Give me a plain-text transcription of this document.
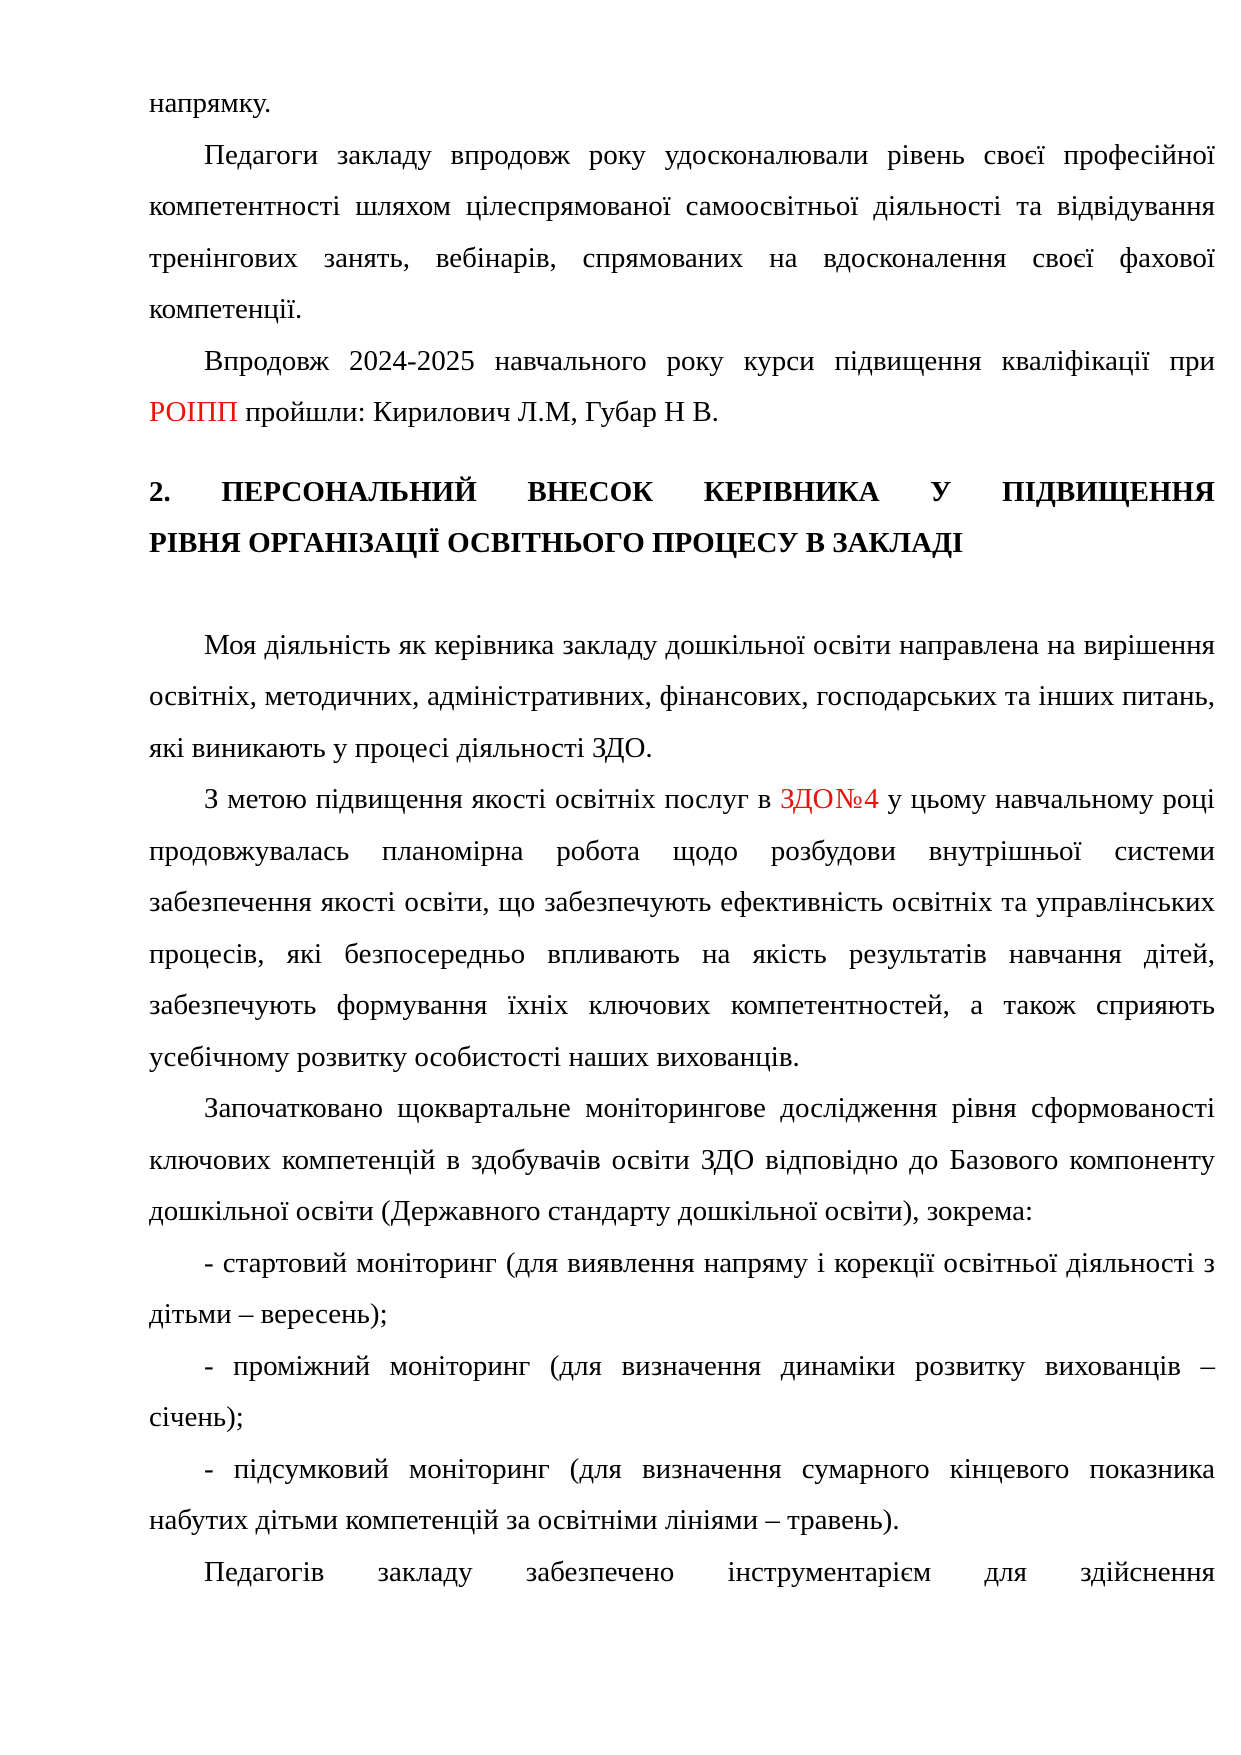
напрямку.

Педагоги закладу впродовж року удосконалювали рівень своєї професійної компетентності шляхом цілеспрямованої самоосвітньої діяльності та відвідування тренінгових занять, вебінарів, спрямованих на вдосконалення своєї фахової компетенції.

Впродовж 2024-2025 навчального року курси підвищення кваліфікації при РОІПП пройшли: Кирилович Л.М, Губар Н В.

2. ПЕРСОНАЛЬНИЙ ВНЕСОК КЕРІВНИКА У ПІДВИЩЕННЯ
РІВНЯ ОРГАНІЗАЦІЇ ОСВІТНЬОГО ПРОЦЕСУ В ЗАКЛАДІ

Моя діяльність як керівника закладу дошкільної освіти направлена на вирішення освітніх, методичних, адміністративних, фінансових, господарських та інших питань, які виникають у процесі діяльності ЗДО.

З метою підвищення якості освітніх послуг в ЗДО№4 у цьому навчальному році продовжувалась планомірна робота щодо розбудови внутрішньої системи забезпечення якості освіти, що забезпечують ефективність освітніх та управлінських процесів, які безпосередньо впливають на якість результатів навчання дітей, забезпечують формування їхніх ключових компетентностей, а також сприяють усебічному розвитку особистості наших вихованців.

Започатковано щоквартальне моніторингове дослідження рівня сформованості ключових компетенцій в здобувачів освіти ЗДО відповідно до Базового компоненту дошкільної освіти (Державного стандарту дошкільної освіти), зокрема:

- стартовий моніторинг (для виявлення напряму і корекції освітньої діяльності з дітьми – вересень);

- проміжний моніторинг (для визначення динаміки розвитку вихованців – січень);

- підсумковий моніторинг (для визначення сумарного кінцевого показника набутих дітьми компетенцій за освітніми лініями – травень).

Педагогів закладу забезпечено інструментарієм для здійснення
